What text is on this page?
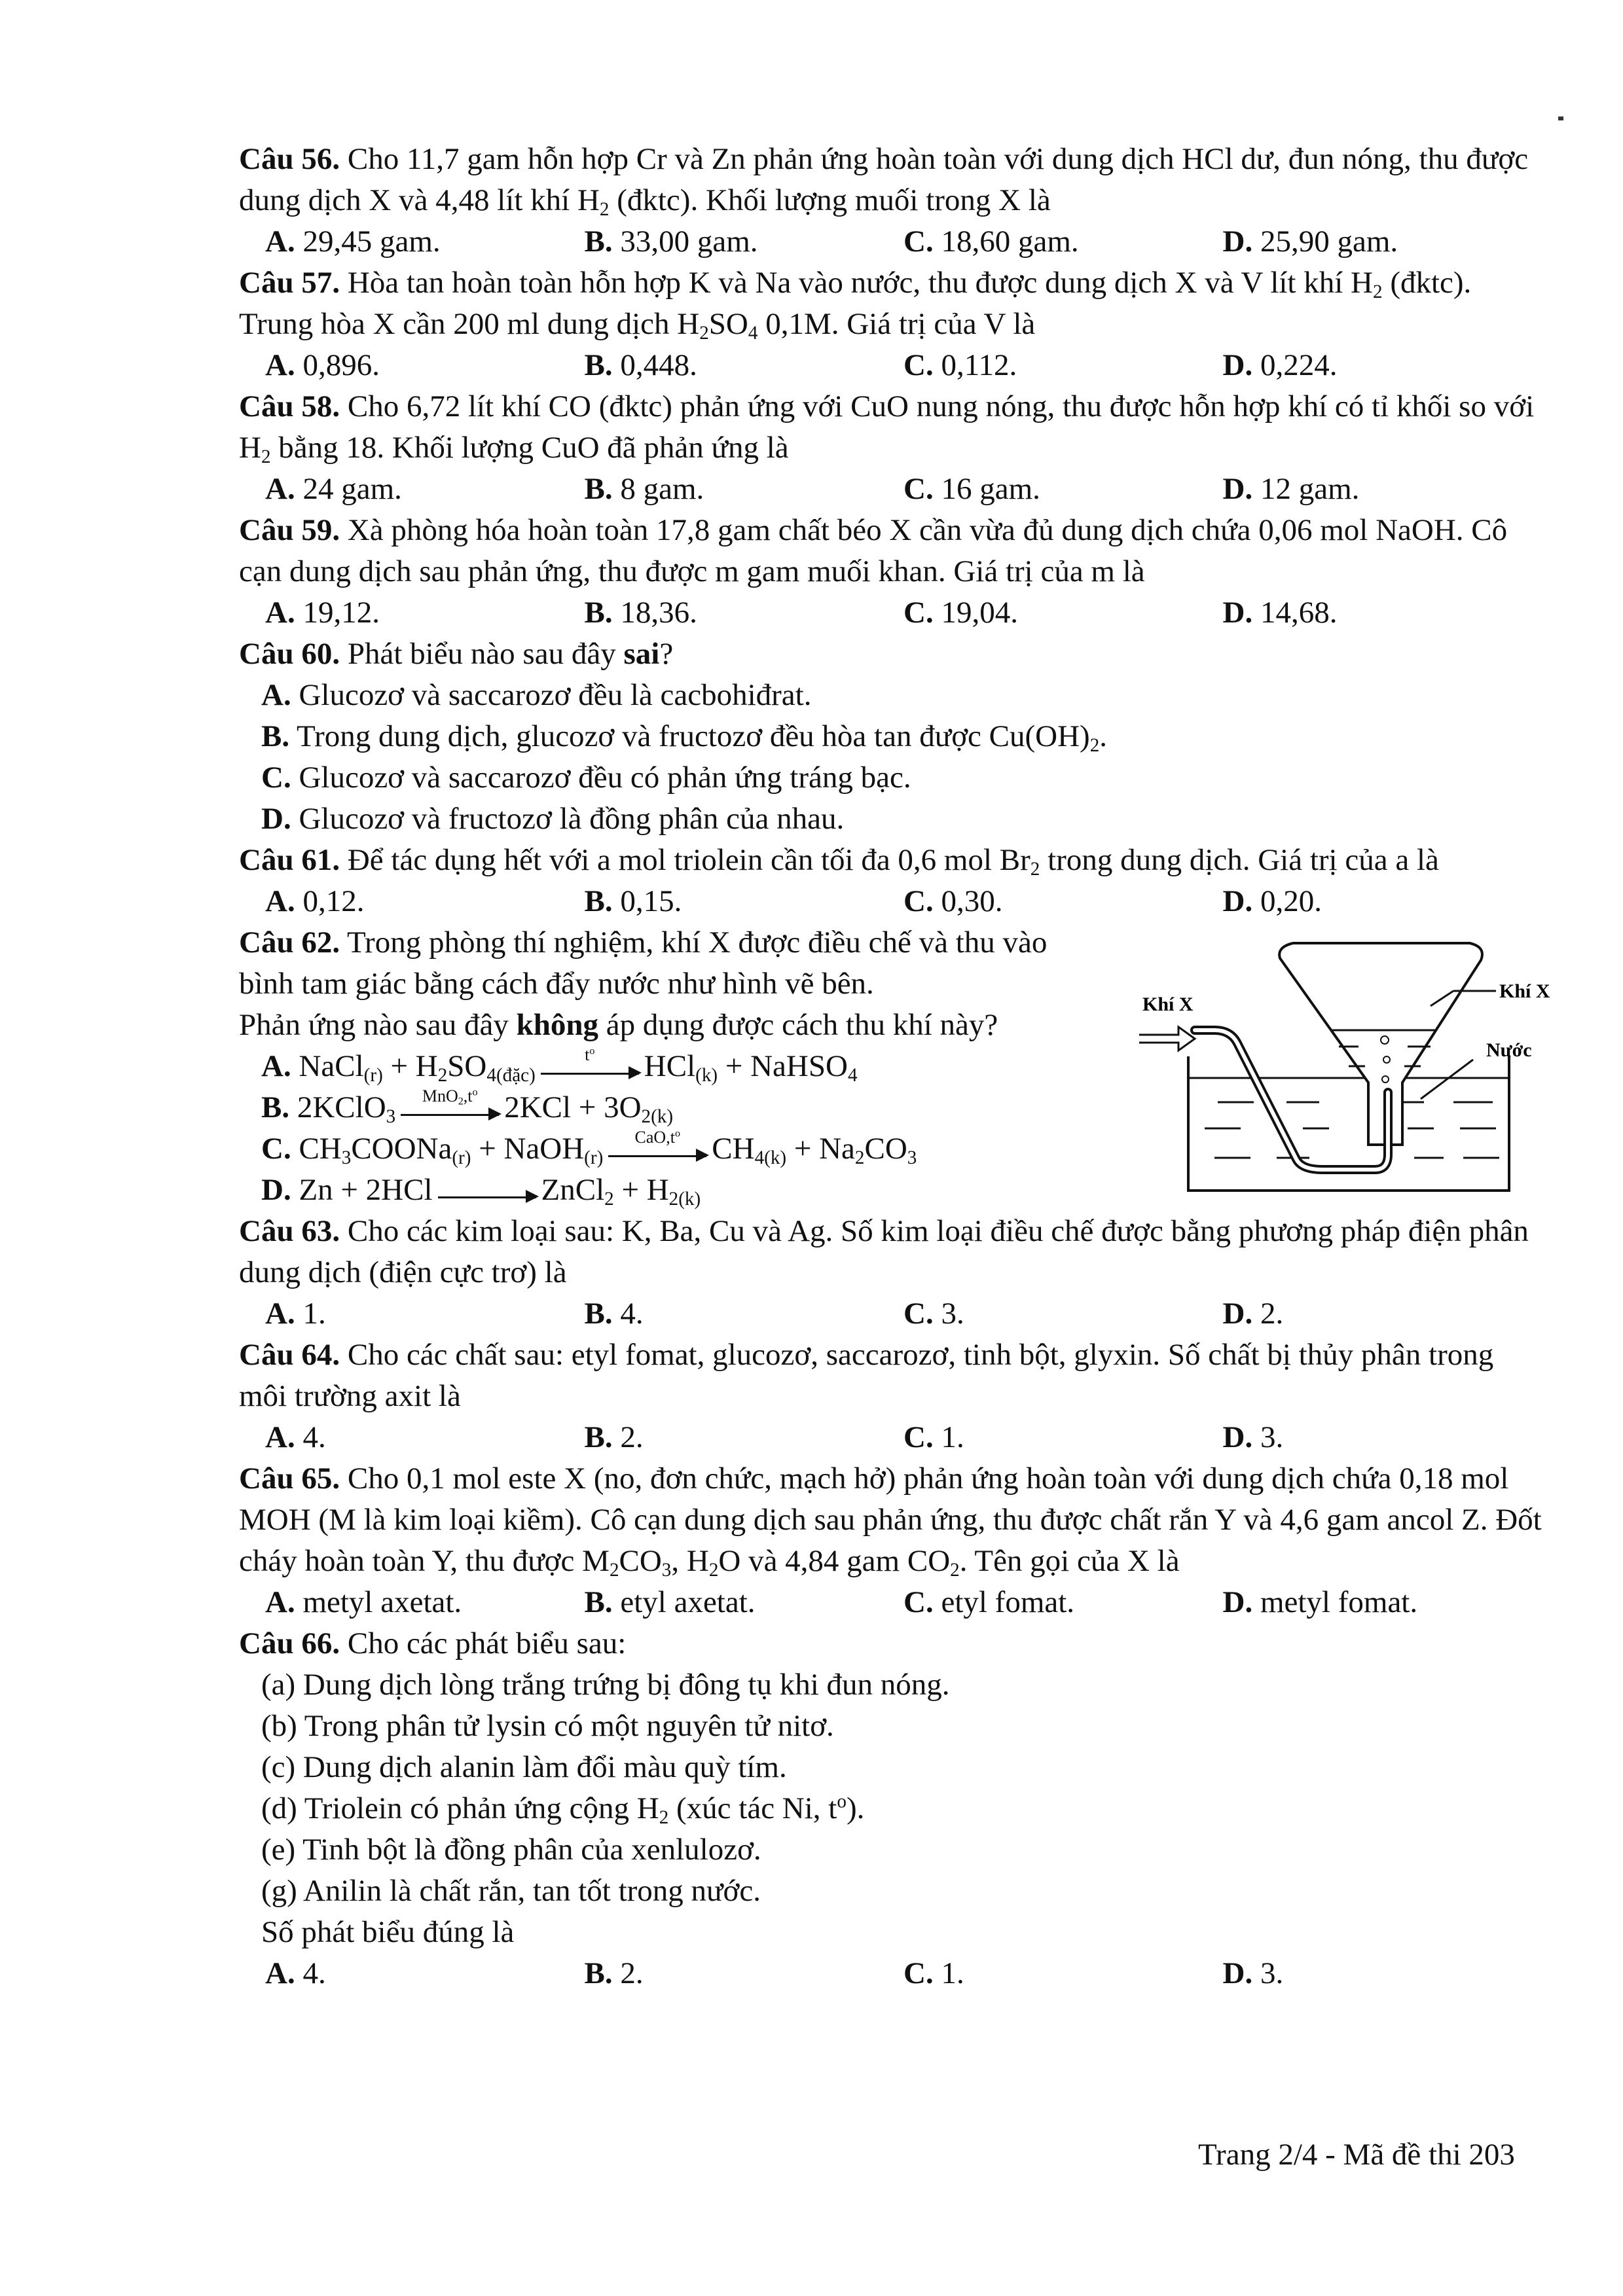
Câu 56. Cho 11,7 gam hỗn hợp Cr và Zn phản ứng hoàn toàn với dung dịch HCl dư, đun nóng, thu được dung dịch X và 4,48 lít khí $H_2$ (đktc). Khối lượng muối trong X là

A. 29,45 gam.	B. 33,00 gam.	C. 18,60 gam.	D. 25,90 gam.

Câu 57. Hòa tan hoàn toàn hỗn hợp K và Na vào nước, thu được dung dịch X và V lít khí $H_2$ (đktc). Trung hòa X cần 200 ml dung dịch $H_2SO_4$ 0,1M. Giá trị của V là

A. 0,896.	B. 0,448.	C. 0,112.	D. 0,224.

Câu 58. Cho 6,72 lít khí CO (đktc) phản ứng với CuO nung nóng, thu được hỗn hợp khí có tỉ khối so với $H_2$ bằng 18. Khối lượng CuO đã phản ứng là

A. 24 gam.	B. 8 gam.	C. 16 gam.	D. 12 gam.

Câu 59. Xà phòng hóa hoàn toàn 17,8 gam chất béo X cần vừa đủ dung dịch chứa 0,06 mol NaOH. Cô cạn dung dịch sau phản ứng, thu được m gam muối khan. Giá trị của m là

A. 19,12.	B. 18,36.	C. 19,04.	D. 14,68.

Câu 60. Phát biểu nào sau đây sai?

A. Glucozơ và saccarozơ đều là cacbohiđrat.

B. Trong dung dịch, glucozơ và fructozơ đều hòa tan được $Cu(OH)_2$.

C. Glucozơ và saccarozơ đều có phản ứng tráng bạc.

D. Glucozơ và fructozơ là đồng phân của nhau.

Câu 61. Để tác dụng hết với a mol triolein cần tối đa 0,6 mol $Br_2$ trong dung dịch. Giá trị của a là

A. 0,12.	B. 0,15.	C. 0,30.	D. 0,20.

Câu 62. Trong phòng thí nghiệm, khí X được điều chế và thu vào bình tam giác bằng cách đẩy nước như hình vẽ bên.
Phản ứng nào sau đây không áp dụng được cách thu khí này?

A. NaCl$_{(r)}$ + $H_2SO_{4(đặc)}$
$t^o$	HCl$_{(k)}$ + NaHSO$_4$

B. 2KClO$_3$
$MnO_2,t^o$ $2KCl + 3O_{2(k)}$

C. $CH_3COONa_{(r)}$ + NaOH$_{(r)}$
$CaO,t^o$	$CH_{4(k)} + Na_2CO_3$

D. Zn + 2HCl	ZnCl$_2$ + $H_{2(k)}$

Khí X
Khí X
Nước

Câu 63. Cho các kim loại sau: K, Ba, Cu và Ag. Số kim loại điều chế được bằng phương pháp điện phân dung dịch (điện cực trơ) là

A. 1.	B. 4.	C. 3.	D. 2.

Câu 64. Cho các chất sau: etyl fomat, glucozơ, saccarozơ, tinh bột, glyxin. Số chất bị thủy phân trong môi trường axit là

A. 4.	B. 2.	C. 1.	D. 3.

Câu 65. Cho 0,1 mol este X (no, đơn chức, mạch hở) phản ứng hoàn toàn với dung dịch chứa 0,18 mol MOH (M là kim loại kiềm). Cô cạn dung dịch sau phản ứng, thu được chất rắn Y và 4,6 gam ancol Z. Đốt cháy hoàn toàn Y, thu được $M_2CO_3$, $H_2O$ và 4,84 gam $CO_2$. Tên gọi của X là

A. metyl axetat.	B. etyl axetat.	C. etyl fomat.	D. metyl fomat.

Câu 66. Cho các phát biểu sau:

(a) Dung dịch lòng trắng trứng bị đông tụ khi đun nóng.

(b) Trong phân tử lysin có một nguyên tử nitơ.

(c) Dung dịch alanin làm đổi màu quỳ tím.

(d) Triolein có phản ứng cộng $H_2$ (xúc tác Ni, $t^o$).

(e) Tinh bột là đồng phân của xenlulozơ.

(g) Anilin là chất rắn, tan tốt trong nước.

Số phát biểu đúng là

A. 4.	B. 2.	C. 1.	D. 3.
Trang 2/4 - Mã đề thi 203
